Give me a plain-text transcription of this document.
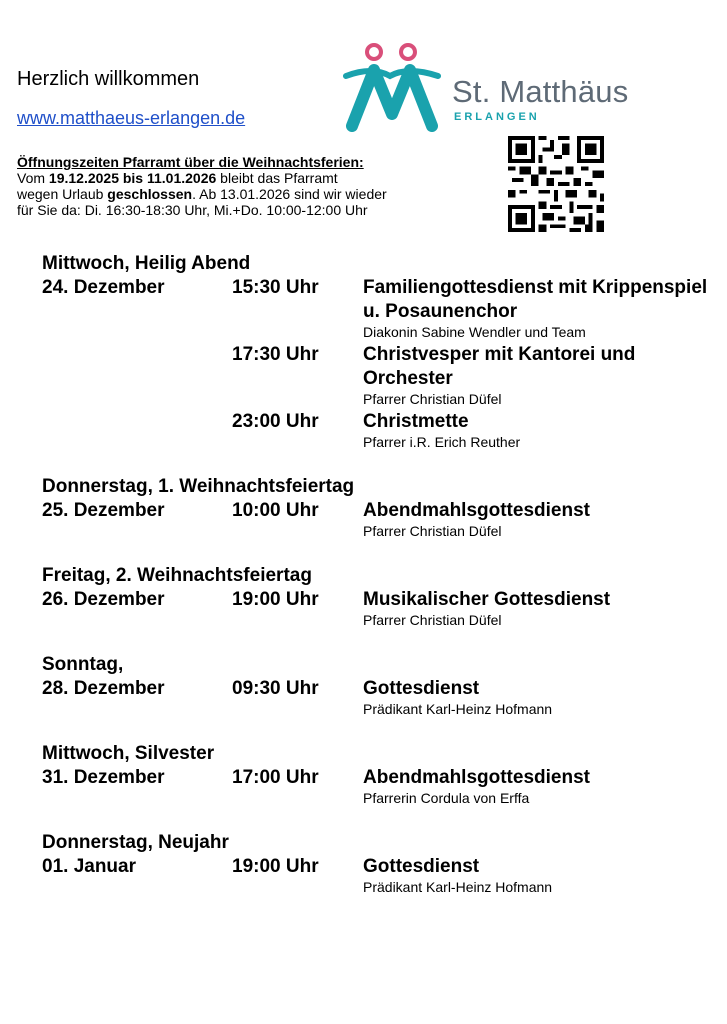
Herzlich willkommen
www.matthaeus-erlangen.de
St. Matthäus
ERLANGEN

Öffnungszeiten Pfarramt über die Weihnachtsferien:

Vom 19.12.2025 bis 11.01.2026 bleibt das Pfarramt

wegen Urlaub geschlossen. Ab 13.01.2026 sind wir wieder

für Sie da: Di. 16:30-18:30 Uhr, Mi.+Do. 10:00-12:00 Uhr

Mittwoch, Heilig Abend
24. Dezember	15:30 Uhr Familiengottesdienst mit Krippenspiel u. Posaunenchor
Diakonin Sabine Wendler und Team
17:30 Uhr Christvesper mit Kantorei und Orchester
Pfarrer Christian Düfel
23:00 Uhr Christmette
Pfarrer i.R. Erich Reuther
Donnerstag, 1. Weihnachtsfeiertag
25. Dezember	10:00 Uhr Abendmahlsgottesdienst
Pfarrer Christian Düfel
Freitag, 2. Weihnachtsfeiertag
26. Dezember	19:00 Uhr Musikalischer Gottesdienst
Pfarrer Christian Düfel
Sonntag,
28. Dezember	09:30 Uhr Gottesdienst
Prädikant Karl-Heinz Hofmann
Mittwoch, Silvester
31. Dezember	17:00 Uhr Abendmahlsgottesdienst
Pfarrerin Cordula von Erffa
Donnerstag, Neujahr
01. Januar	19:00 Uhr Gottesdienst
Prädikant Karl-Heinz Hofmann
